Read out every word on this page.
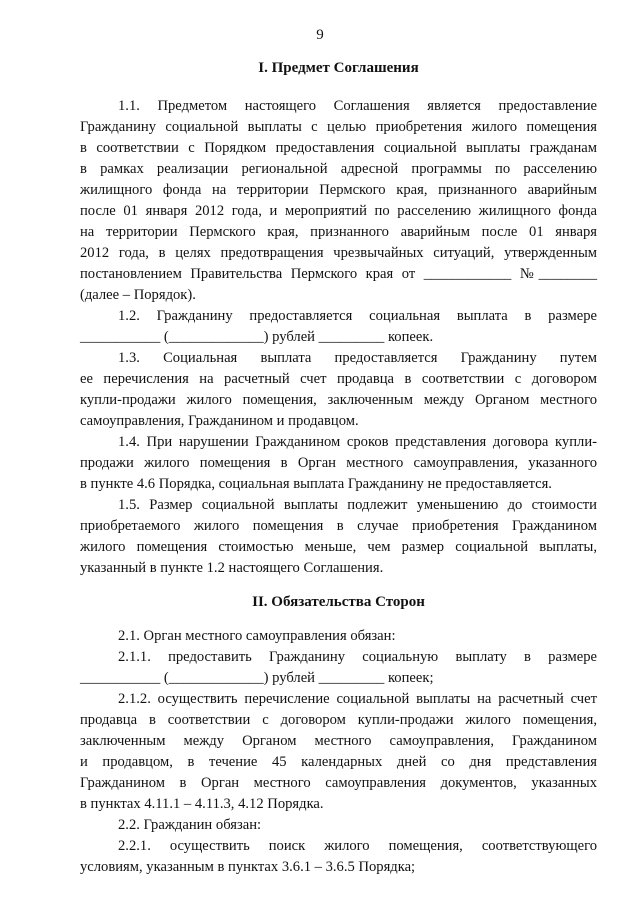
9
I. Предмет Соглашения
1.1. Предметом настоящего Соглашения является предоставление
Гражданину социальной выплаты с целью приобретения жилого помещения
в соответствии с Порядком предоставления социальной выплаты гражданам
в рамках реализации региональной адресной программы по расселению
жилищного фонда на территории Пермского края, признанного аварийным
после 01 января 2012 года, и мероприятий по расселению жилищного фонда
на территории Пермского края, признанного аварийным после 01 января
2012 года, в целях предотвращения чрезвычайных ситуаций, утвержденным
постановлением Правительства Пермского края от ____________ №________
(далее – Порядок).
1.2. Гражданину предоставляется социальная выплата в размере
___________ (_____________) рублей _________ копеек.
1.3. Социальная выплата предоставляется Гражданину путем
ее перечисления на расчетный счет продавца в соответствии с договором
купли-продажи жилого помещения, заключенным между Органом местного
самоуправления, Гражданином и продавцом.
1.4. При нарушении Гражданином сроков представления договора купли-
продажи жилого помещения в Орган местного самоуправления, указанного
в пункте 4.6 Порядка, социальная выплата Гражданину не предоставляется.
1.5. Размер социальной выплаты подлежит уменьшению до стоимости
приобретаемого жилого помещения в случае приобретения Гражданином
жилого помещения стоимостью меньше, чем размер социальной выплаты,
указанный в пункте 1.2 настоящего Соглашения.
II. Обязательства Сторон
2.1. Орган местного самоуправления обязан:
2.1.1. предоставить Гражданину социальную выплату в размере
___________ (_____________) рублей _________ копеек;
2.1.2. осуществить перечисление социальной выплаты на расчетный счет
продавца в соответствии с договором купли-продажи жилого помещения,
заключенным между Органом местного самоуправления, Гражданином
и продавцом, в течение 45 календарных дней со дня представления
Гражданином в Орган местного самоуправления документов, указанных
в пунктах 4.11.1 – 4.11.3, 4.12 Порядка.
2.2. Гражданин обязан:
2.2.1. осуществить поиск жилого помещения, соответствующего
условиям, указанным в пунктах 3.6.1 – 3.6.5 Порядка;
